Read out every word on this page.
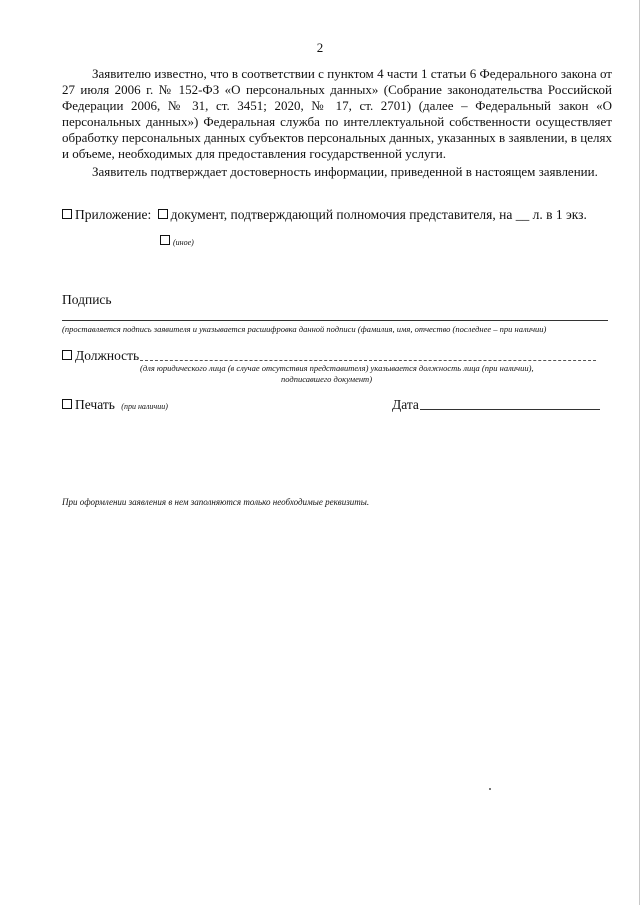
2
Заявителю известно, что в соответствии с пунктом 4 части 1 статьи 6 Федерального закона от 27 июля 2006 г. № 152-ФЗ «О персональных данных» (Собрание законодательства Российской Федерации 2006, № 31, ст. 3451; 2020, № 17, ст. 2701) (далее – Федеральный закон «О персональных данных») Федеральная служба по интеллектуальной собственности осуществляет обработку персональных данных субъектов персональных данных, указанных в заявлении, в целях и объеме, необходимых для предоставления государственной услуги.
Заявитель подтверждает достоверность информации, приведенной в настоящем заявлении.
Приложение: документ, подтверждающий полномочия представителя, на __ л. в 1 экз.
(иное)
Подпись
(проставляется подпись заявителя и указывается расшифровка данной подписи (фамилия, имя, отчество (последнее – при наличии)
Должность
(для юридического лица (в случае отсутствия представителя) указывается должность лица (при наличии),
подписавшего документ)
Печать (при наличии)	Дата
При оформлении заявления в нем заполняются только необходимые реквизиты.
